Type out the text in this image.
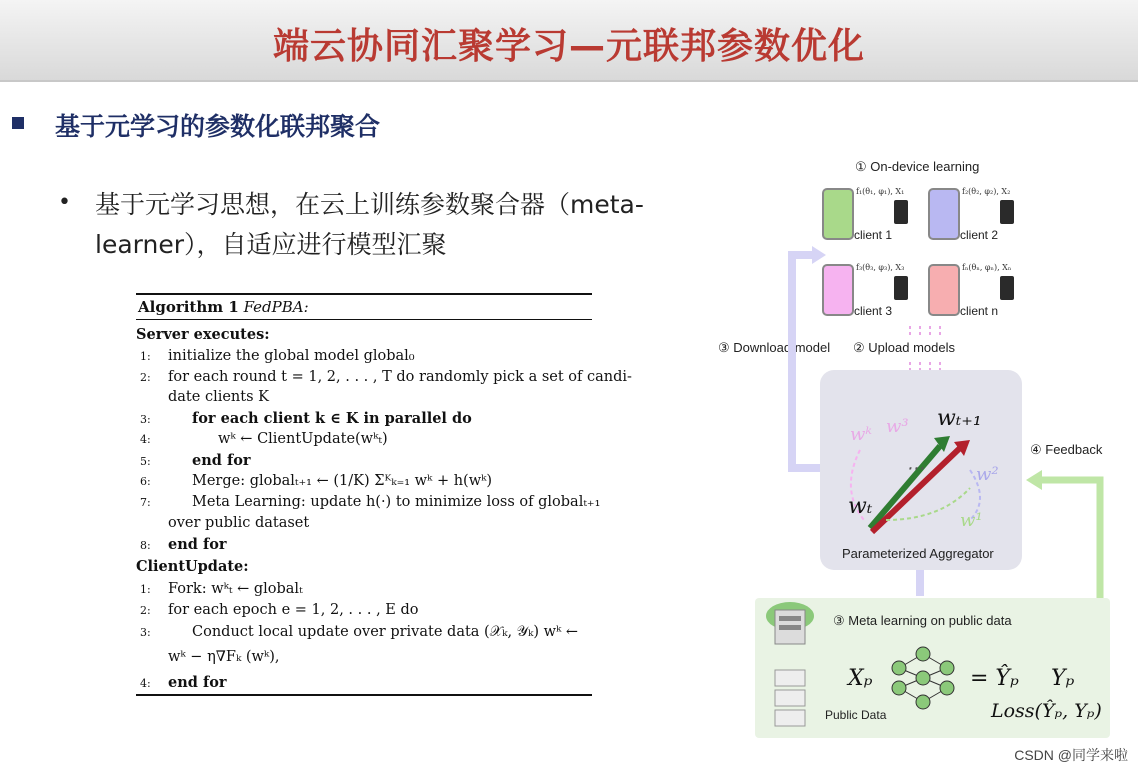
端云协同汇聚学习—元联邦参数优化
基于元学习的参数化联邦聚合
• 基于元学习思想，在云上训练参数聚合器（meta-
learner），自适应进行模型汇聚
Algorithm 1 FedPBA:
Server executes:
1: initialize the global model global₀
2: for each round t = 1, 2, . . . , T do randomly pick a set of candi-
date clients K
3:	for each client k ∈ K in parallel do
4:	wᵏ ← ClientUpdate(wᵏₜ)
5:	end for
6:	Merge: globalₜ₊₁ ← (1/K) Σᴷₖ₌₁ wᵏ + h(wᵏ)
7:	Meta Learning: update h(·) to minimize loss of globalₜ₊₁
over public dataset
8: end for
ClientUpdate:
1: Fork: wᵏₜ ← globalₜ
2: for each epoch e = 1, 2, . . . , E do
3:	Conduct local update over private data (𝒳ₖ, 𝒴ₖ) wᵏ ←
wᵏ − η∇Fₖ (wᵏ),
4: end for
① On-device learning
f₁(θ₁, φ₁), X₁
client 1
f₂(θ₂, φ₂), X₂
client 2
f₃(θ₃, φ₃), X₃
client 3
fₙ(θₙ, φₙ), Xₙ
client n
③ Download model ② Upload models
wₜ₊₁
wᵏ w³
⋯	w²
w¹
wₜ
Parameterized Aggregator
④ Feedback
③ Meta learning on public data
Public Data
Xₚ	= Ŷₚ Yₚ
Loss(Ŷₚ, Yₚ)
CSDN @同学来啦
